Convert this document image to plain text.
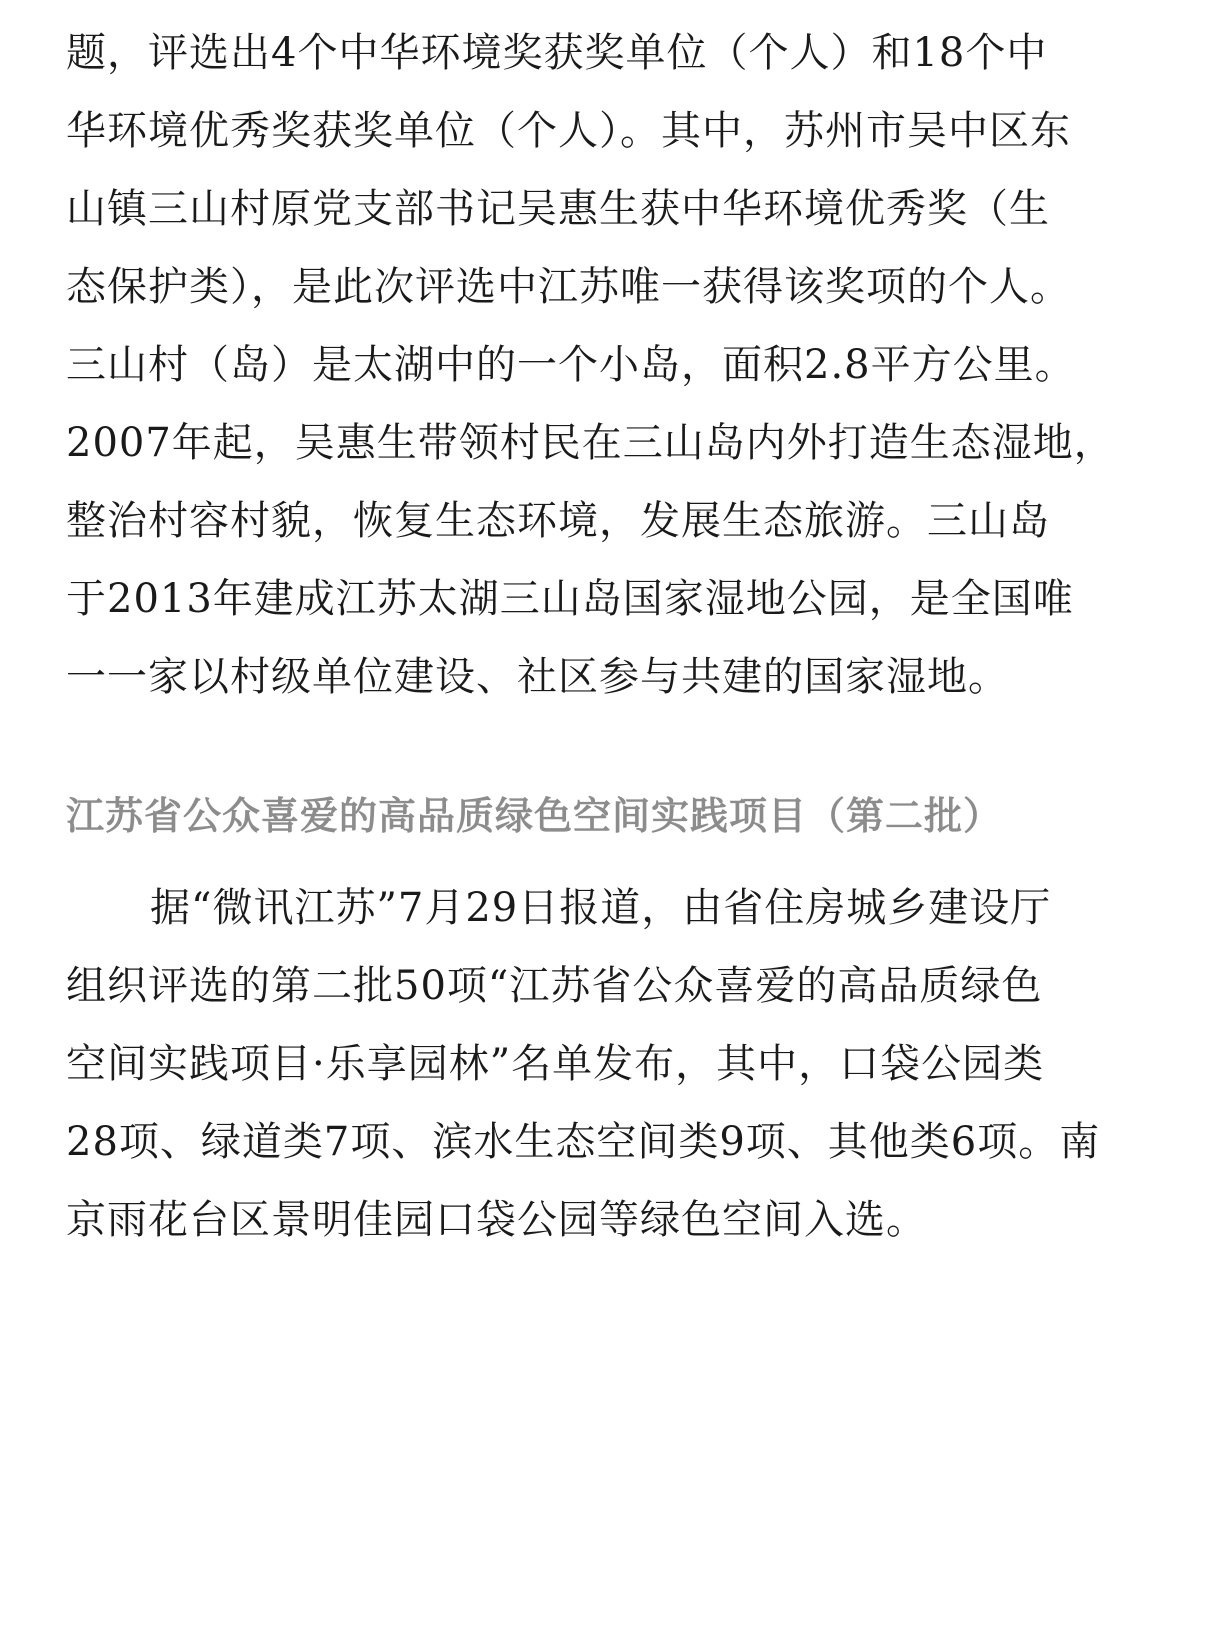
题，评选出4个中华环境奖获奖单位（个人）和18个中
华环境优秀奖获奖单位（个人）。其中，苏州市吴中区东
山镇三山村原党支部书记吴惠生获中华环境优秀奖（生
态保护类），是此次评选中江苏唯一获得该奖项的个人。
三山村（岛）是太湖中的一个小岛，面积2.8平方公里。
2007年起，吴惠生带领村民在三山岛内外打造生态湿地，
整治村容村貌，恢复生态环境，发展生态旅游。三山岛
于2013年建成江苏太湖三山岛国家湿地公园，是全国唯
一一家以村级单位建设、社区参与共建的国家湿地。
江苏省公众喜爱的高品质绿色空间实践项目（第二批）
据“微讯江苏”7月29日报道，由省住房城乡建设厅
组织评选的第二批50项“江苏省公众喜爱的高品质绿色
空间实践项目·乐享园林”名单发布，其中，口袋公园类
28项、绿道类7项、滨水生态空间类9项、其他类6项。南
京雨花台区景明佳园口袋公园等绿色空间入选。
